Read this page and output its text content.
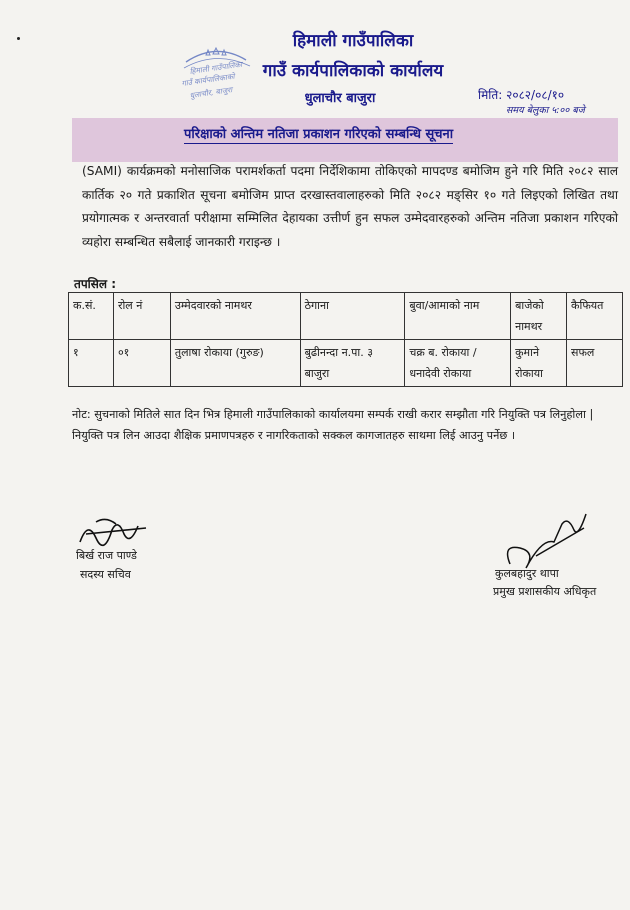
हिमाली गाउँपालिका
गाउँ कार्यपालिकाको
धुलाचौर, बाजुरा
हिमाली गाउँपालिका
गाउँ कार्यपालिकाको कार्यालय
धुलाचौर बाजुरा	मिति: २०८२/०८/१०
समय बेलुका ५:०० बजे
परिक्षाको अन्तिम नतिजा प्रकाशन गरिएको सम्बन्धि सूचना
(SAMI) कार्यक्रमको मनोसाजिक परामर्शकर्ता पदमा निर्देशिकामा तोकिएको मापदण्ड बमोजिम हुने गरि मिति २०८२ साल कार्तिक २० गते प्रकाशित सूचना बमोजिम प्राप्त दरखास्तवालाहरुको मिति २०८२ मङ्सिर १० गते लिइएको लिखित तथा प्रयोगात्मक र अन्तरवार्ता परीक्षामा सम्मिलित देहायका उत्तीर्ण हुन सफल उम्मेदवारहरुको अन्तिम नतिजा प्रकाशन गरिएको व्यहोरा सम्बन्धित सबैलाई जानकारी गराइन्छ ।
तपसिल :
क.सं.	रोल नं	उम्मेदवारको नामथर	ठेगाना	बुवा/आमाको नाम	बाजेको नामथर	कैफियत
१	०१	तुलाषा रोकाया (गुरुङ)	बुढीनन्दा न.पा. ३ बाजुरा	चक्र ब. रोकाया / धनादेवी रोकाया	कुमाने रोकाया	सफल
नोट: सुचनाको मितिले सात दिन भित्र हिमाली गाउँपालिकाको कार्यालयमा सम्पर्क राखी करार सम्झौता गरि नियुक्ति पत्र लिनुहोला | नियुक्ति पत्र लिन आउदा शैक्षिक प्रमाणपत्रहरु र नागरिकताको सक्कल कागजातहरु साथमा लिई आउनु पर्नेछ ।
बिर्ख राज पाण्डे
सदस्य सचिव	कुलबहादुर थापा
प्रमुख प्रशासकीय अधिकृत
